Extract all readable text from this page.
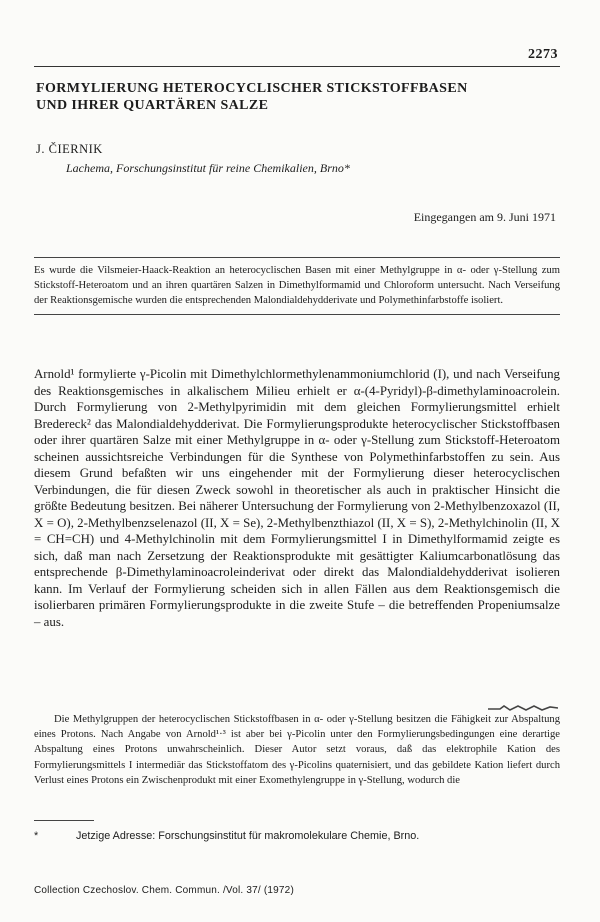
2273
FORMYLIERUNG HETEROCYCLISCHER STICKSTOFFBASEN
UND IHRER QUARTÄREN SALZE
J. ČIERNIK
Lachema, Forschungsinstitut für reine Chemikalien, Brno*
Eingegangen am 9. Juni 1971
Es wurde die Vilsmeier-Haack-Reaktion an heterocyclischen Basen mit einer Methylgruppe in α- oder γ-Stellung zum Stickstoff-Heteroatom und an ihren quartären Salzen in Dimethylformamid und Chloroform untersucht. Nach Verseifung der Reaktionsgemische wurden die entsprechenden Malondialdehydderivate und Polymethinfarbstoffe isoliert.

Arnold¹ formylierte γ-Picolin mit Dimethylchlormethylenammoniumchlorid (I), und nach Verseifung des Reaktionsgemisches in alkalischem Milieu erhielt er α-(4-Pyridyl)-β-dimethylaminoacrolein. Durch Formylierung von 2-Methylpyrimidin mit dem gleichen Formylierungsmittel erhielt Bredereck² das Malondialdehydderivat. Die Formylierungsprodukte heterocyclischer Stickstoffbasen oder ihrer quartären Salze mit einer Methylgruppe in α- oder γ-Stellung zum Stickstoff-Heteroatom scheinen aussichtsreiche Verbindungen für die Synthese von Polymethinfarbstoffen zu sein. Aus diesem Grund befaßten wir uns eingehender mit der Formylierung dieser heterocyclischen Verbindungen, die für diesen Zweck sowohl in theoretischer als auch in praktischer Hinsicht die größte Bedeutung besitzen. Bei näherer Untersuchung der Formylierung von 2-Methylbenzoxazol (II, X = O), 2-Methylbenzselenazol (II, X = Se), 2-Methylbenzthiazol (II, X = S), 2-Methylchinolin (II, X = CH=CH) und 4-Methylchinolin mit dem Formylierungsmittel I in Dimethylformamid zeigte es sich, daß man nach Zersetzung der Reaktionsprodukte mit gesättigter Kaliumcarbonatlösung das entsprechende β-Dimethylaminoacroleinderivat oder direkt das Malondialdehydderivat isolieren kann. Im Verlauf der Formylierung scheiden sich in allen Fällen aus dem Reaktionsgemisch die isolierbaren primären Formylierungsprodukte in die zweite Stufe – die betreffenden Propeniumsalze – aus.

Die Methylgruppen der heterocyclischen Stickstoffbasen in α- oder γ-Stellung besitzen die Fähigkeit zur Abspaltung eines Protons. Nach Angabe von Arnold¹·³ ist aber bei γ-Picolin unter den Formylierungsbedingungen eine derartige Abspaltung eines Protons unwahrscheinlich. Dieser Autor setzt voraus, daß das elektrophile Kation des Formylierungsmittels I intermediär das Stickstoffatom des γ-Picolins quaternisiert, und das gebildete Kation liefert durch Verlust eines Protons ein Zwischenprodukt mit einer Exomethylengruppe in γ-Stellung, wodurch die

*	Jetzige Adresse: Forschungsinstitut für makromolekulare Chemie, Brno.
Collection Czechoslov. Chem. Commun. /Vol. 37/ (1972)
